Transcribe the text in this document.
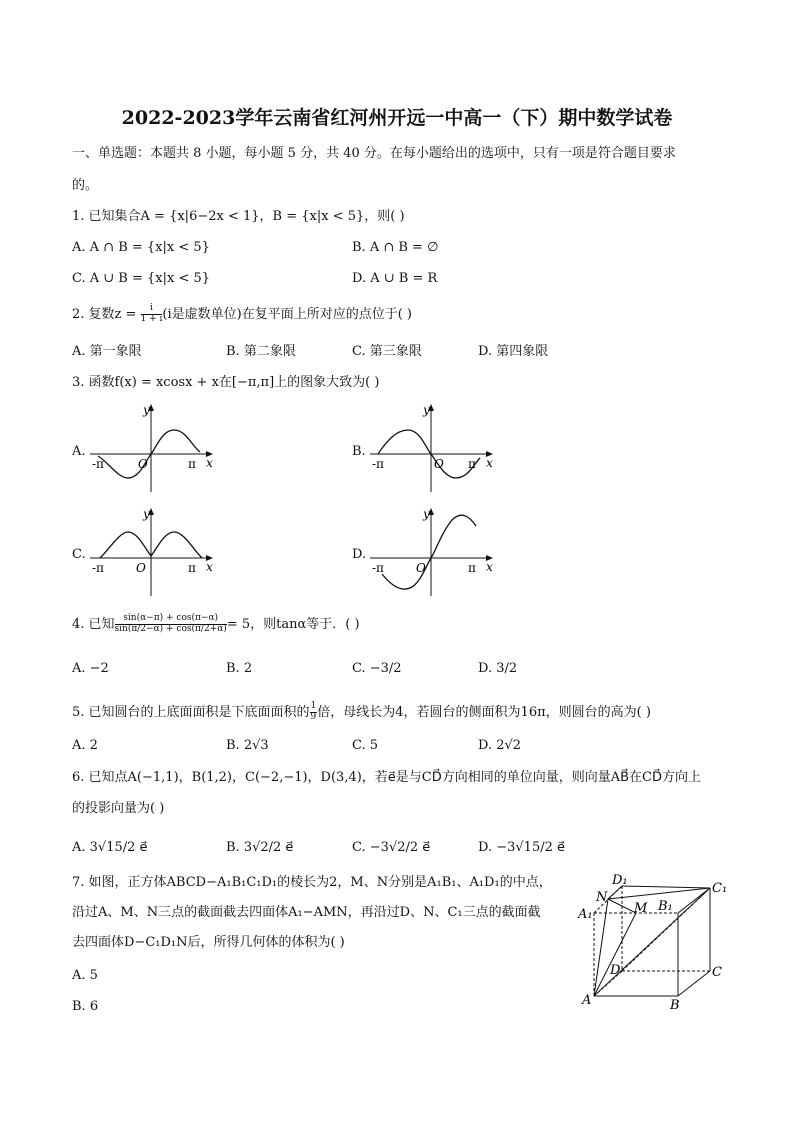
2022-2023学年云南省红河州开远一中高一（下）期中数学试卷
一、单选题：本题共 8 小题，每小题 5 分，共 40 分。在每小题给出的选项中，只有一项是符合题目要求
的。
1. 已知集合A = {x|6−2x < 1}，B = {x|x < 5}，则( )
A. A ∩ B = {x|x < 5}	B. A ∩ B = ∅
C. A ∪ B = {x|x < 5}	D. A ∪ B = R
2. 复数$z = \frac{i}{1 + i} (i$是虚数单位)在复平面上所对应的点位于( )
A. 第一象限	B. 第二象限	C. 第三象限	D. 第四象限
3. 函数f(x) = xcosx + x在[−π,π]上的图象大致为( )
A.	B.
C.	D.
y
x
O
-π	π
y
x
O
-π	π
y
x
O
-π	π
y
x
O
-π	π
4. 已知 $\frac{\sin(\alpha-\pi) + \cos(\pi-\alpha)}{\sin(\pi/2-\alpha) + \cos(\pi/2+\alpha)} = 5$，则tanα等于．( )
A. −2	B. 2	C. −3/2	D. 3/2
5. 已知圆台的上底面面积是下底面面积的 $\frac{1}{9}$ 倍，母线长为4，若圆台的侧面积为16π，则圆台的高为( )
A. 2	B. 2√3	C. 5	D. 2√2
6. 已知点A(−1,1)，B(1,2)，C(−2,−1)，D(3,4)，若e⃗是与CD⃗方向相同的单位向量，则向量AB⃗在CD⃗方向上
的投影向量为( )
A. 3√15/2 e⃗	B. 3√2/2 e⃗	C. −3√2/2 e⃗	D. −3√15/2 e⃗
7. 如图，正方体ABCD−A₁B₁C₁D₁的棱长为2，M、N分别是A₁B₁、A₁D₁的中点，
沿过A、M、N三点的截面截去四面体A₁−AMN，再沿过D、N、C₁三点的截面截
去四面体D−C₁D₁N后，所得几何体的体积为( )
A. 5
B. 6
D₁
C₁
N
M B₁
A₁
D	C
A	B
